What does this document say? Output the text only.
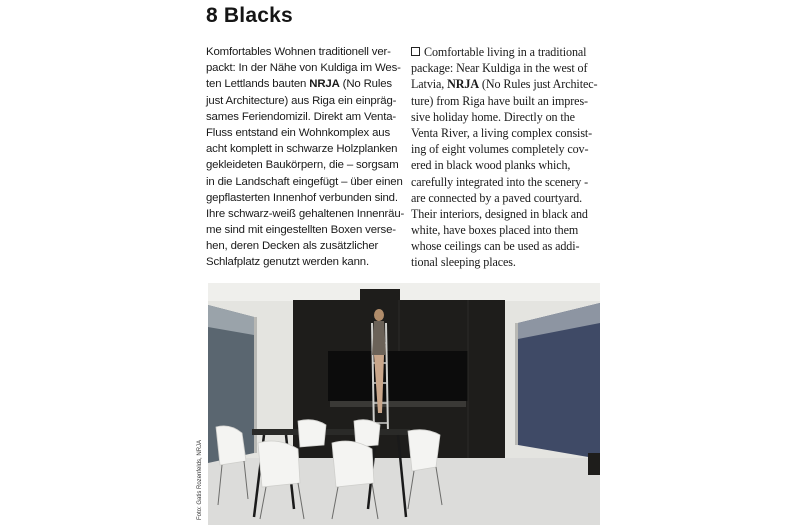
8 Blacks
Komfortables Wohnen traditionell ver-
packt: In der Nähe von Kuldiga im Wes-
ten Lettlands bauten NRJA (No Rules
just Architecture) aus Riga ein einpräg-
sames Feriendomizil. Direkt am Venta-
Fluss entstand ein Wohnkomplex aus
acht komplett in schwarze Holzplanken
gekleideten Baukörpern, die – sorgsam
in die Landschaft eingefügt – über einen
gepflasterten Innenhof verbunden sind.
Ihre schwarz-weiß gehaltenen Innenräu-
me sind mit eingestellten Boxen verse-
hen, deren Decken als zusätzlicher
Schlafplatz genutzt werden kann.
Comfortable living in a traditional
package: Near Kuldiga in the west of
Latvia, NRJA (No Rules just Architec-
ture) from Riga have built an impres-
sive holiday home. Directly on the
Venta River, a living complex consist-
ing of eight volumes completely cov-
ered in black wood planks which,
carefully integrated into the scenery -
are connected by a paved courtyard.
Their interiors, designed in black and
white, have boxes placed into them
whose ceilings can be used as addi-
tional sleeping places.
Foto: Gatis Rozenfelds, NRJA
